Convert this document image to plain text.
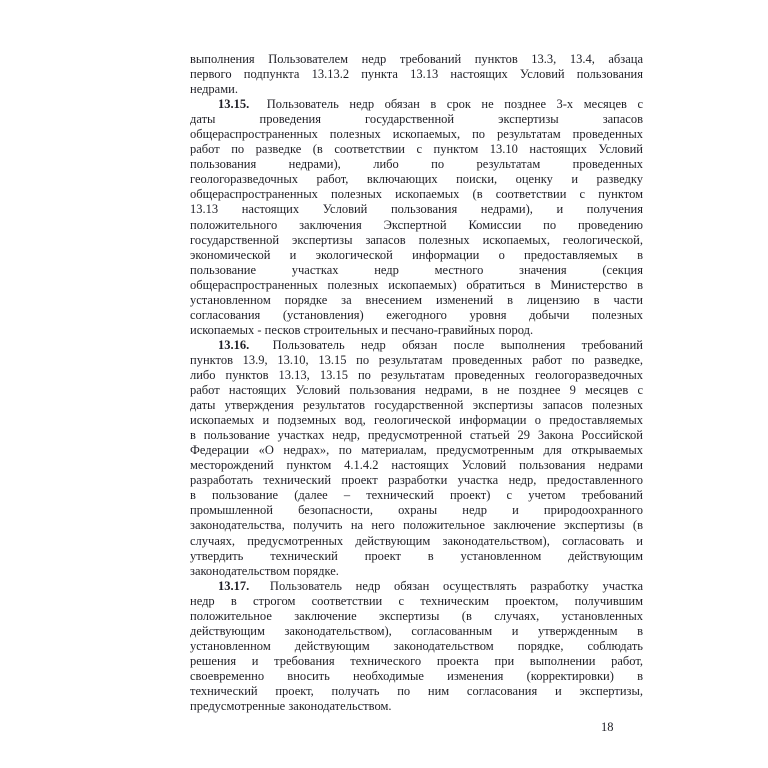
выполнения Пользователем недр требований пунктов 13.3, 13.4, абзаца
первого подпункта 13.13.2 пункта 13.13 настоящих Условий пользования
недрами.
13.15. Пользователь недр обязан в срок не позднее 3-х месяцев с
даты проведения государственной экспертизы запасов
общераспространенных полезных ископаемых, по результатам проведенных
работ по разведке (в соответствии с пунктом 13.10 настоящих Условий
пользования недрами), либо по результатам проведенных
геологоразведочных работ, включающих поиски, оценку и разведку
общераспространенных полезных ископаемых (в соответствии с пунктом
13.13 настоящих Условий пользования недрами), и получения
положительного заключения Экспертной Комиссии по проведению
государственной экспертизы запасов полезных ископаемых, геологической,
экономической и экологической информации о предоставляемых в
пользование участках недр местного значения (секция
общераспространенных полезных ископаемых) обратиться в Министерство в
установленном порядке за внесением изменений в лицензию в части
согласования (установления) ежегодного уровня добычи полезных
ископаемых - песков строительных и песчано-гравийных пород.
13.16. Пользователь недр обязан после выполнения требований
пунктов 13.9, 13.10, 13.15 по результатам проведенных работ по разведке,
либо пунктов 13.13, 13.15 по результатам проведенных геологоразведочных
работ настоящих Условий пользования недрами, в не позднее 9 месяцев с
даты утверждения результатов государственной экспертизы запасов полезных
ископаемых и подземных вод, геологической информации о предоставляемых
в пользование участках недр, предусмотренной статьей 29 Закона Российской
Федерации «О недрах», по материалам, предусмотренным для открываемых
месторождений пунктом 4.1.4.2 настоящих Условий пользования недрами
разработать технический проект разработки участка недр, предоставленного
в пользование (далее – технический проект) с учетом требований
промышленной безопасности, охраны недр и природоохранного
законодательства, получить на него положительное заключение экспертизы (в
случаях, предусмотренных действующим законодательством), согласовать и
утвердить технический проект в установленном действующим
законодательством порядке.
13.17. Пользователь недр обязан осуществлять разработку участка
недр в строгом соответствии с техническим проектом, получившим
положительное заключение экспертизы (в случаях, установленных
действующим законодательством), согласованным и утвержденным в
установленном действующим законодательством порядке, соблюдать
решения и требования технического проекта при выполнении работ,
своевременно вносить необходимые изменения (корректировки) в
технический проект, получать по ним согласования и экспертизы,
предусмотренные законодательством.
18
